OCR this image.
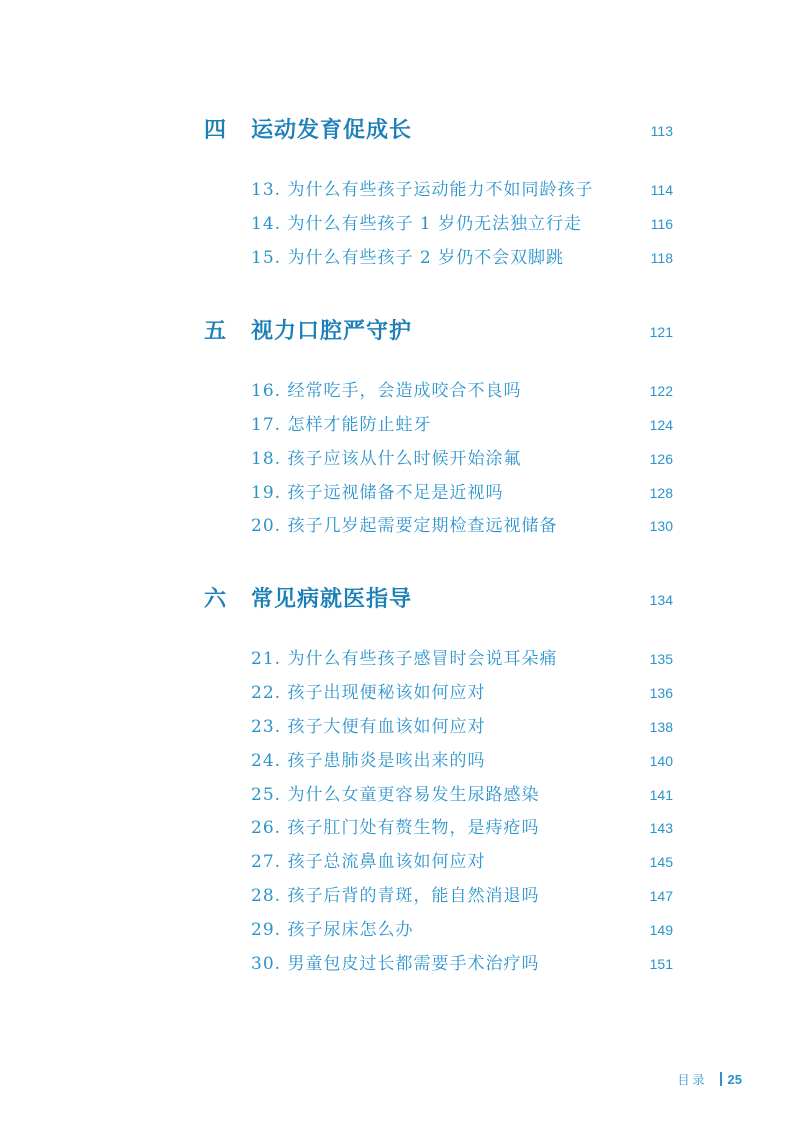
四 运动发育促成长	113
13. 为什么有些孩子运动能力不如同龄孩子	114
14. 为什么有些孩子 1 岁仍无法独立行走	116
15. 为什么有些孩子 2 岁仍不会双脚跳	118
五 视力口腔严守护	121
16. 经常吃手，会造成咬合不良吗	122
17. 怎样才能防止蛀牙	124
18. 孩子应该从什么时候开始涂氟	126
19. 孩子远视储备不足是近视吗	128
20. 孩子几岁起需要定期检查远视储备	130
六 常见病就医指导	134
21. 为什么有些孩子感冒时会说耳朵痛	135
22. 孩子出现便秘该如何应对	136
23. 孩子大便有血该如何应对	138
24. 孩子患肺炎是咳出来的吗	140
25. 为什么女童更容易发生尿路感染	141
26. 孩子肛门处有赘生物，是痔疮吗	143
27. 孩子总流鼻血该如何应对	145
28. 孩子后背的青斑，能自然消退吗	147
29. 孩子尿床怎么办	149
30. 男童包皮过长都需要手术治疗吗	151
目录 25
